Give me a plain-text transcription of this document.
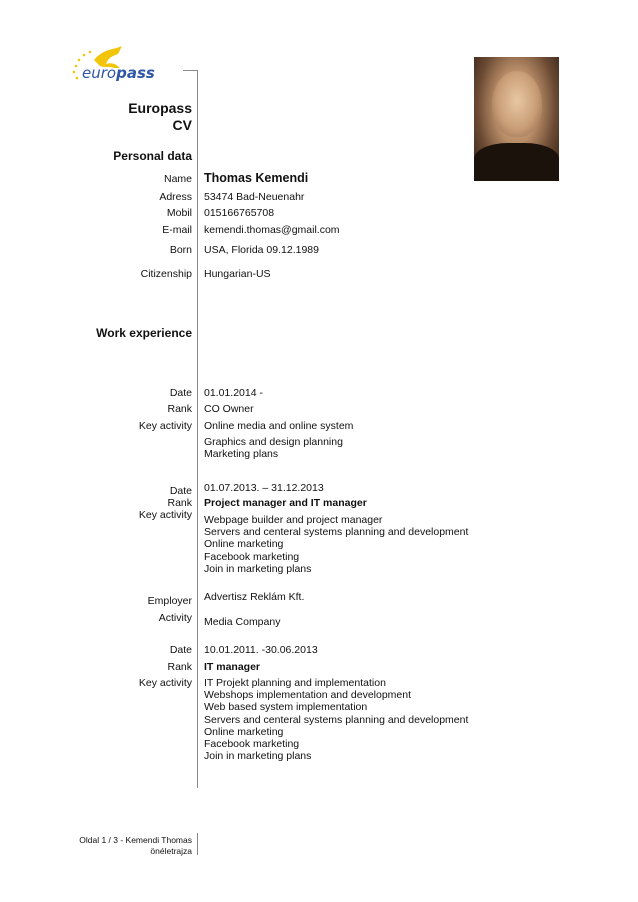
europass
Europass
CV
Personal data
Name Thomas Kemendi
Adress 53474 Bad-Neuenahr
Mobil 015166765708
E-mail kemendi.thomas@gmail.com
Born USA, Florida 09.12.1989
Citizenship Hungarian-US
Work experience
Date 01.01.2014 -
Rank CO Owner
Key activity Online media and online system
Graphics and design planning
Marketing plans
Date 01.07.2013. – 31.12.2013
Rank Project manager and IT manager
Key activity Webpage builder and project manager
Servers and centeral systems planning and development
Online marketing
Facebook marketing
Join in marketing plans
Employer Advertisz Reklám Kft.
Activity Media Company
Date 10.01.2011. -30.06.2013
Rank IT manager
Key activity IT Projekt planning and implementation
Webshops implementation and development
Web based system implementation
Servers and centeral systems planning and development
Online marketing
Facebook marketing
Join in marketing plans
Oldal 1 / 3 - Kemendi Thomas
önéletrajza
